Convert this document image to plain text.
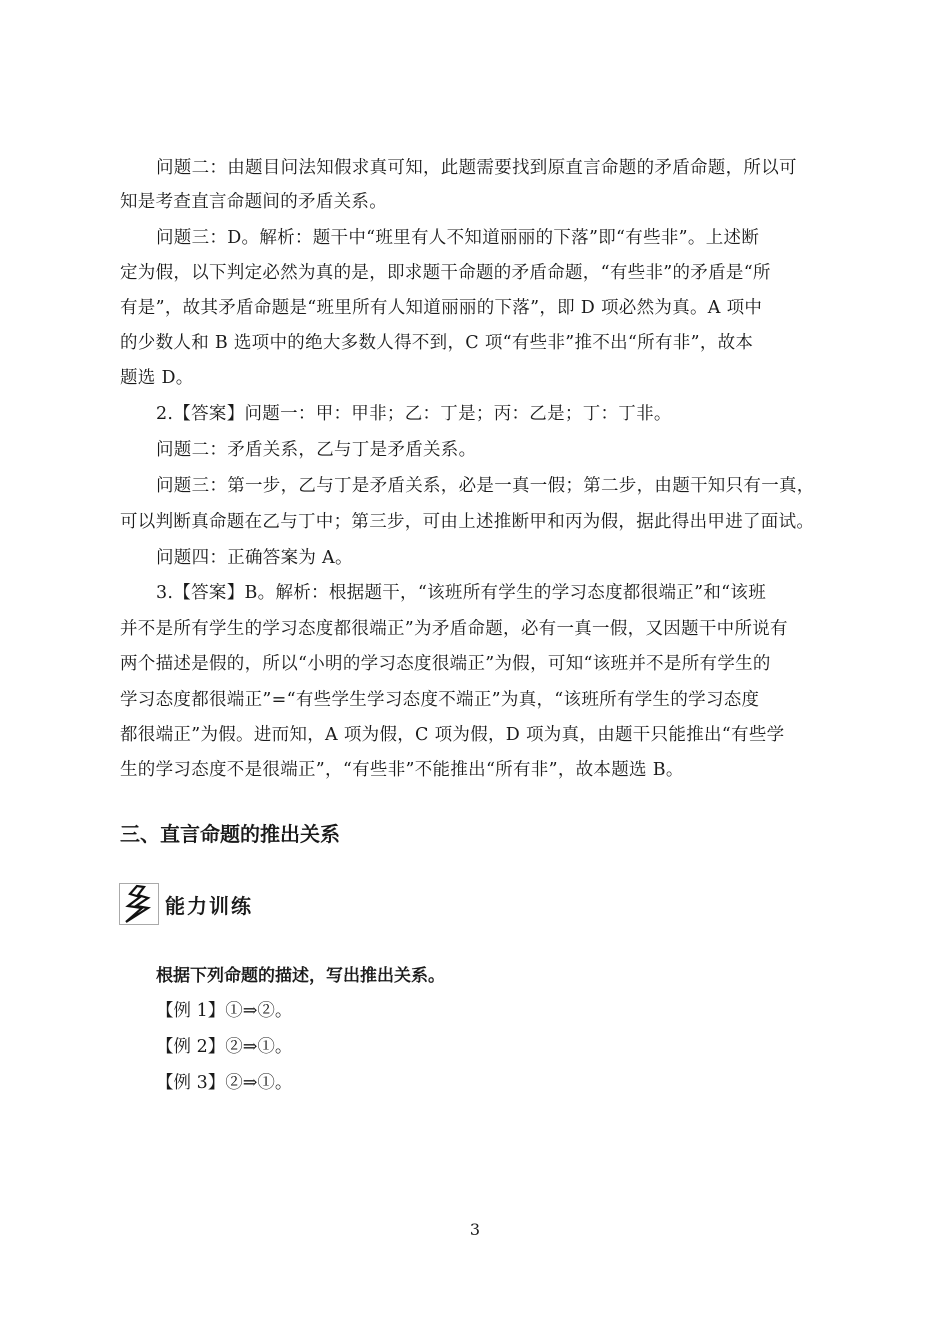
问题二：由题目问法知假求真可知，此题需要找到原直言命题的矛盾命题，所以可
知是考查直言命题间的矛盾关系。
问题三：D。解析：题干中“班里有人不知道丽丽的下落”即“有些非”。上述断
定为假，以下判定必然为真的是，即求题干命题的矛盾命题，“有些非”的矛盾是“所
有是”，故其矛盾命题是“班里所有人知道丽丽的下落”，即 D 项必然为真。A 项中
的少数人和 B 选项中的绝大多数人得不到，C 项“有些非”推不出“所有非”，故本
题选 D。
2.【答案】问题一：甲：甲非；乙：丁是；丙：乙是；丁：丁非。
问题二：矛盾关系，乙与丁是矛盾关系。
问题三：第一步，乙与丁是矛盾关系，必是一真一假；第二步，由题干知只有一真，
可以判断真命题在乙与丁中；第三步，可由上述推断甲和丙为假，据此得出甲进了面试。
问题四：正确答案为 A。
3.【答案】B。解析：根据题干，“该班所有学生的学习态度都很端正”和“该班
并不是所有学生的学习态度都很端正”为矛盾命题，必有一真一假，又因题干中所说有
两个描述是假的，所以“小明的学习态度很端正”为假，可知“该班并不是所有学生的
学习态度都很端正”=“有些学生学习态度不端正”为真，“该班所有学生的学习态度
都很端正”为假。进而知，A 项为假，C 项为假，D 项为真，由题干只能推出“有些学
生的学习态度不是很端正”，“有些非”不能推出“所有非”，故本题选 B。
三、直言命题的推出关系
能力训练
根据下列命题的描述，写出推出关系。
【例 1】①⇒②。
【例 2】②⇒①。
【例 3】②⇒①。
3
